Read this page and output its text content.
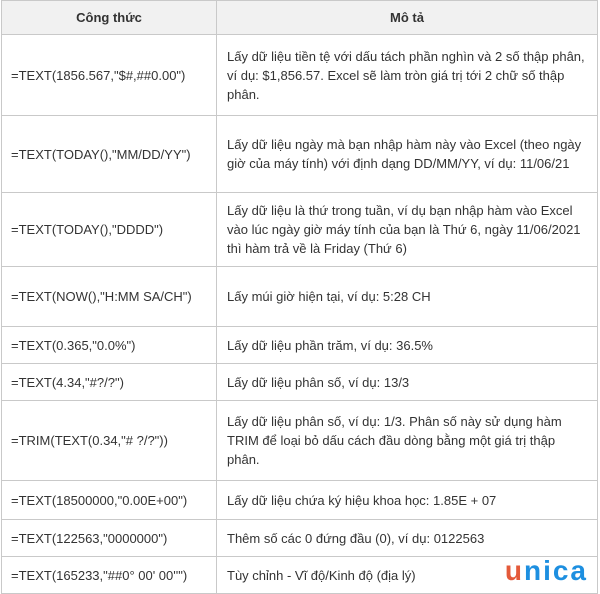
Công thức	Mô tả
=TEXT(1856.567,"$#,##0.00")	Lấy dữ liệu tiền tệ với dấu tách phần nghìn và 2 số thập phân, ví dụ: $1,856.57. Excel sẽ làm tròn giá trị tới 2 chữ số thập phân.
=TEXT(TODAY(),"MM/DD/YY")	Lấy dữ liệu ngày mà bạn nhập hàm này vào Excel (theo ngày giờ của máy tính) với định dạng DD/MM/YY, ví dụ: 11/06/21
=TEXT(TODAY(),"DDDD")	Lấy dữ liệu là thứ trong tuần, ví dụ bạn nhập hàm vào Excel vào lúc ngày giờ máy tính của bạn là Thứ 6, ngày 11/06/2021 thì hàm trả về là Friday (Thứ 6)
=TEXT(NOW(),"H:MM SA/CH")	Lấy múi giờ hiện tại, ví dụ: 5:28 CH
=TEXT(0.365,"0.0%")	Lấy dữ liệu phần trăm, ví dụ: 36.5%
=TEXT(4.34,"#?/?")	Lấy dữ liệu phân số, ví dụ: 13/3
=TRIM(TEXT(0.34,"# ?/?"))	Lấy dữ liệu phân số, ví dụ: 1/3. Phân số này sử dụng hàm TRIM để loại bỏ dấu cách đầu dòng bằng một giá trị thập phân.
=TEXT(18500000,"0.00E+00")	Lấy dữ liệu chứa ký hiệu khoa học: 1.85E + 07
=TEXT(122563,"0000000")	Thêm số các 0 đứng đầu (0), ví dụ: 0122563
=TEXT(165233,"##0° 00' 00''")	Tùy chỉnh - Vĩ độ/Kinh độ (địa lý)	unica
